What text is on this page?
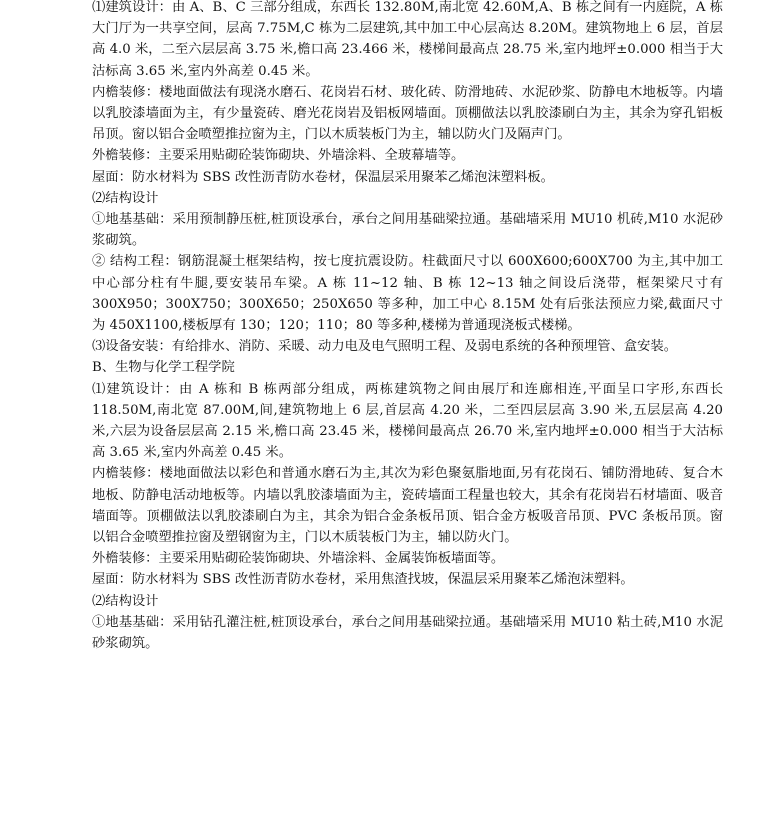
⑴建筑设计：由 A、B、C 三部分组成，东西长 132.80M,南北宽 42.60M,A、B 栋之间有一内庭院，A 栋大门厅为一共享空间，层高 7.75M,C 栋为二层建筑,其中加工中心层高达 8.20M。建筑物地上 6 层，首层高 4.0 米，二至六层层高 3.75 米,檐口高 23.466 米，楼梯间最高点 28.75 米,室内地坪±0.000 相当于大沽标高 3.65 米,室内外高差 0.45 米。

内檐装修：楼地面做法有现浇水磨石、花岗岩石材、玻化砖、防滑地砖、水泥砂浆、防静电木地板等。内墙以乳胶漆墙面为主，有少量瓷砖、磨光花岗岩及铝板网墙面。顶棚做法以乳胶漆刷白为主，其余为穿孔铝板吊顶。窗以铝合金喷塑推拉窗为主，门以木质装板门为主，辅以防火门及隔声门。

外檐装修：主要采用贴砌砼装饰砌块、外墙涂料、全玻幕墙等。

屋面：防水材料为 SBS 改性沥青防水卷材，保温层采用聚苯乙烯泡沫塑料板。

⑵结构设计

①地基基础：采用预制静压桩,桩顶设承台，承台之间用基础梁拉通。基础墙采用 MU10 机砖,M10 水泥砂浆砌筑。

② 结构工程：钢筋混凝土框架结构，按七度抗震设防。柱截面尺寸以 600X600;600X700 为主,其中加工中心部分柱有牛腿,要安装吊车梁。A 栋 11~12 轴、B 栋 12~13 轴之间设后浇带，框架梁尺寸有 300X950；300X750；300X650；250X650 等多种，加工中心 8.15M 处有后张法预应力梁,截面尺寸为 450X1100,楼板厚有 130；120；110；80 等多种,楼梯为普通现浇板式楼梯。

⑶设备安装：有给排水、消防、采暖、动力电及电气照明工程、及弱电系统的各种预埋管、盒安装。

B、生物与化学工程学院

⑴建筑设计：由 A 栋和 B 栋两部分组成，两栋建筑物之间由展厅和连廊相连,平面呈口字形,东西长 118.50M,南北宽 87.00M,间,建筑物地上 6 层,首层高 4.20 米，二至四层层高 3.90 米,五层层高 4.20 米,六层为设备层层高 2.15 米,檐口高 23.45 米，楼梯间最高点 26.70 米,室内地坪±0.000 相当于大沽标高 3.65 米,室内外高差 0.45 米。

内檐装修：楼地面做法以彩色和普通水磨石为主,其次为彩色聚氨脂地面,另有花岗石、铺防滑地砖、复合木地板、防静电活动地板等。内墙以乳胶漆墙面为主，瓷砖墙面工程量也较大，其余有花岗岩石材墙面、吸音墙面等。顶棚做法以乳胶漆刷白为主，其余为铝合金条板吊顶、铝合金方板吸音吊顶、PVC 条板吊顶。窗以铝合金喷塑推拉窗及塑钢窗为主，门以木质装板门为主，辅以防火门。

外檐装修：主要采用贴砌砼装饰砌块、外墙涂料、金属装饰板墙面等。

屋面：防水材料为 SBS 改性沥青防水卷材，采用焦渣找坡，保温层采用聚苯乙烯泡沫塑料。

⑵结构设计

①地基基础：采用钻孔灌注桩,桩顶设承台，承台之间用基础梁拉通。基础墙采用 MU10 粘土砖,M10 水泥砂浆砌筑。
